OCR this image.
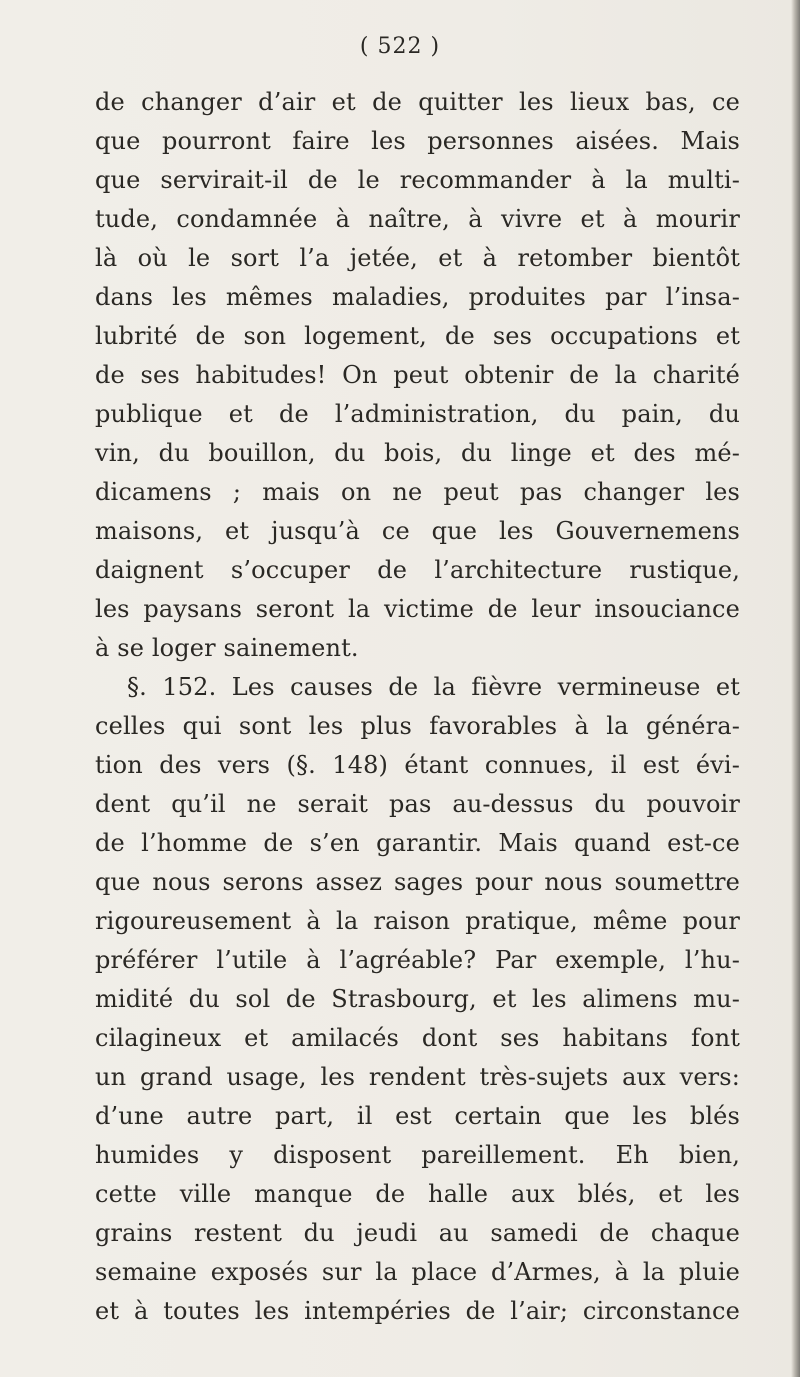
( 522 )
de changer d’air et de quitter les lieux bas, ce
que pourront faire les personnes aisées. Mais
que servirait-il de le recommander à la multi-
tude, condamnée à naître, à vivre et à mourir
là où le sort l’a jetée, et à retomber bientôt
dans les mêmes maladies, produites par l’insa-
lubrité de son logement, de ses occupations et
de ses habitudes! On peut obtenir de la charité
publique et de l’administration, du pain, du
vin, du bouillon, du bois, du linge et des mé-
dicamens ; mais on ne peut pas changer les
maisons, et jusqu’à ce que les Gouvernemens
daignent s’occuper de l’architecture rustique,
les paysans seront la victime de leur insouciance
à se loger sainement.
§. 152. Les causes de la fièvre vermineuse et
celles qui sont les plus favorables à la généra-
tion des vers (§. 148) étant connues, il est évi-
dent qu’il ne serait pas au-dessus du pouvoir
de l’homme de s’en garantir. Mais quand est-ce
que nous serons assez sages pour nous soumettre
rigoureusement à la raison pratique, même pour
préférer l’utile à l’agréable? Par exemple, l’hu-
midité du sol de Strasbourg, et les alimens mu-
cilagineux et amilacés dont ses habitans font
un grand usage, les rendent très-sujets aux vers:
d’une autre part, il est certain que les blés
humides y disposent pareillement. Eh bien,
cette ville manque de halle aux blés, et les
grains restent du jeudi au samedi de chaque
semaine exposés sur la place d’Armes, à la pluie
et à toutes les intempéries de l’air; circonstance
